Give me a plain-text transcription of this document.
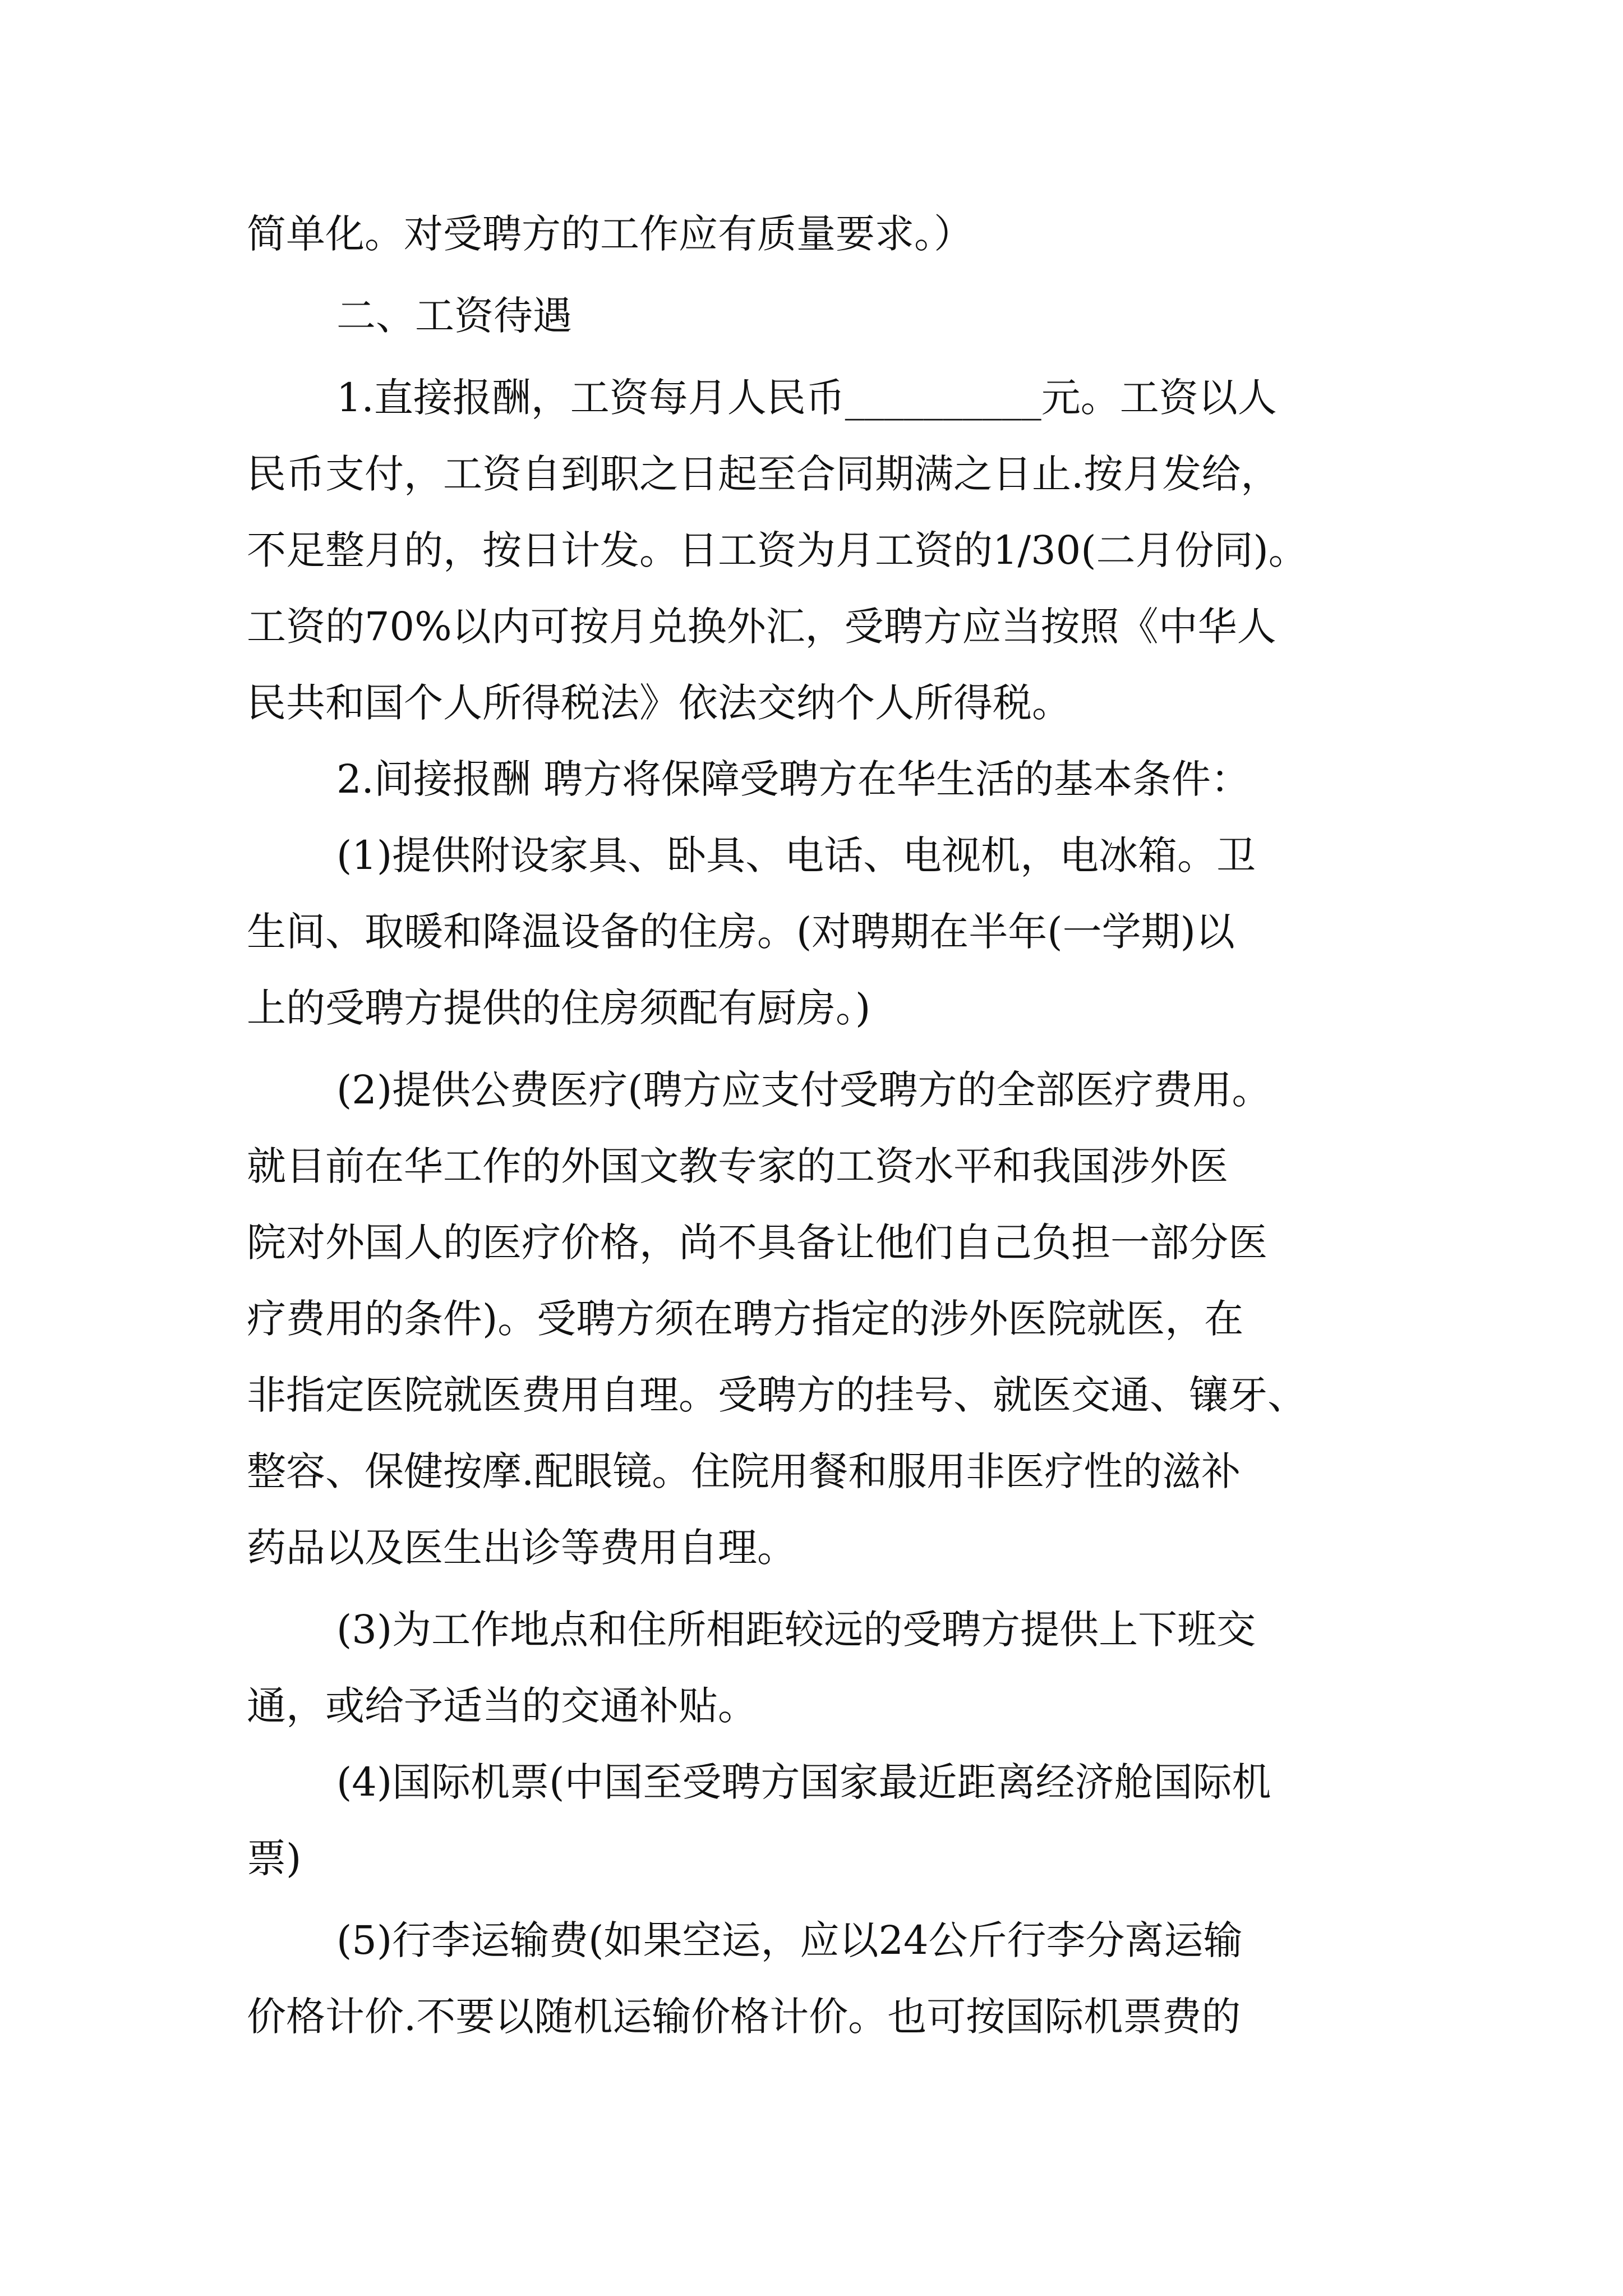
简单化。对受聘方的工作应有质量要求。）

二、工资待遇

1.直接报酬，工资每月人民币__________元。工资以人

民币支付，工资自到职之日起至合同期满之日止.按月发给，

不足整月的，按日计发。日工资为月工资的1/30(二月份同)。

工资的70%以内可按月兑换外汇，受聘方应当按照《中华人

民共和国个人所得税法》依法交纳个人所得税。

2.间接报酬 聘方将保障受聘方在华生活的基本条件：

(1)提供附设家具、卧具、电话、电视机，电冰箱。卫

生间、取暖和降温设备的住房。(对聘期在半年(一学期)以

上的受聘方提供的住房须配有厨房。)

(2)提供公费医疗(聘方应支付受聘方的全部医疗费用。

就目前在华工作的外国文教专家的工资水平和我国涉外医

院对外国人的医疗价格，尚不具备让他们自己负担一部分医

疗费用的条件)。受聘方须在聘方指定的涉外医院就医，在

非指定医院就医费用自理。受聘方的挂号、就医交通、镶牙、

整容、保健按摩.配眼镜。住院用餐和服用非医疗性的滋补

药品以及医生出诊等费用自理。

(3)为工作地点和住所相距较远的受聘方提供上下班交

通，或给予适当的交通补贴。

(4)国际机票(中国至受聘方国家最近距离经济舱国际机

票)

(5)行李运输费(如果空运，应以24公斤行李分离运输

价格计价.不要以随机运输价格计价。也可按国际机票费的
